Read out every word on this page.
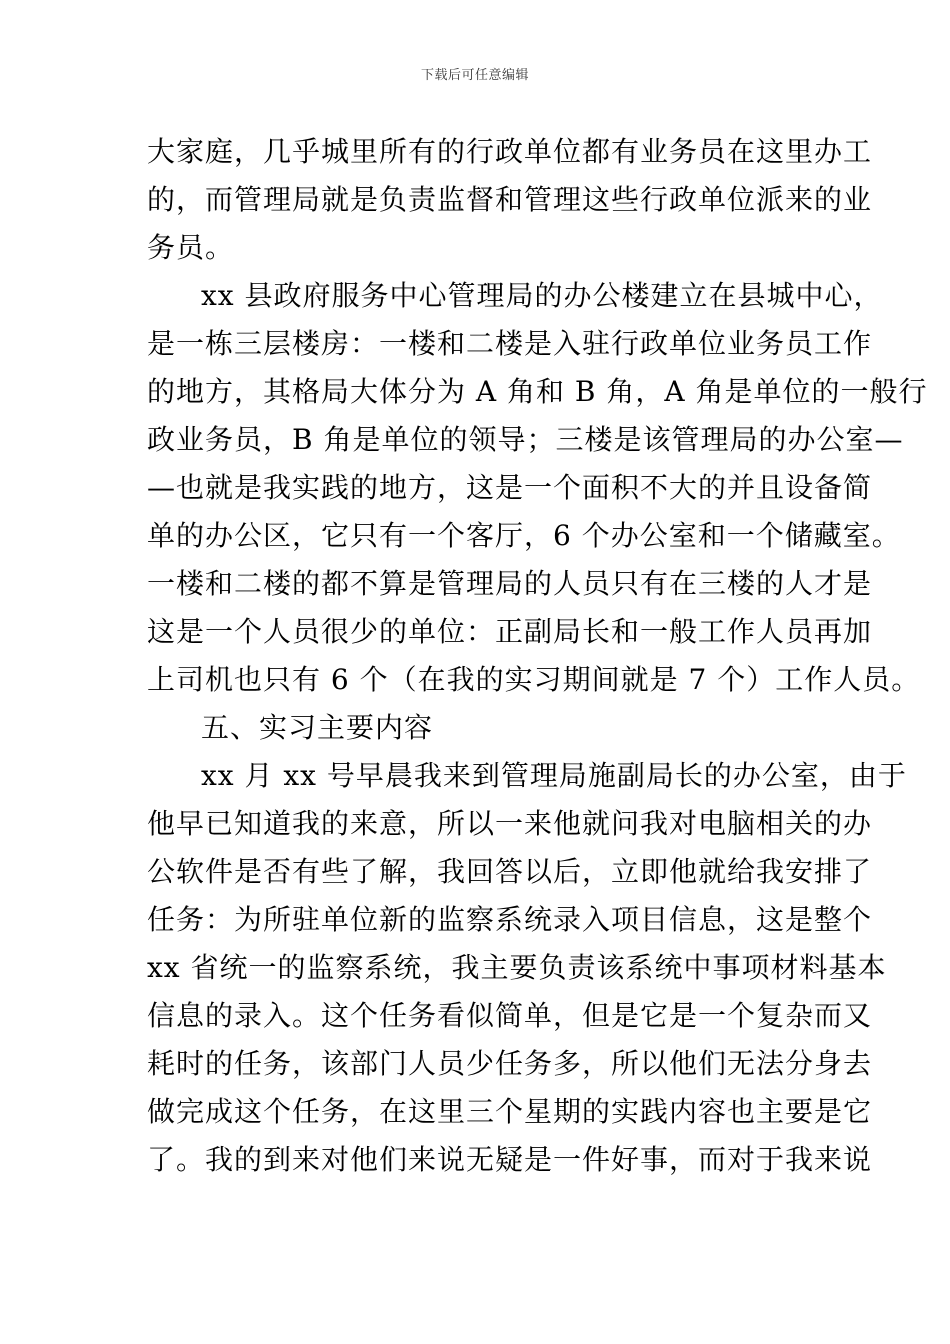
下载后可任意编辑
大家庭，几乎城里所有的行政单位都有业务员在这里办工
的，而管理局就是负责监督和管理这些行政单位派来的业
务员。
xx 县政府服务中心管理局的办公楼建立在县城中心，
是一栋三层楼房：一楼和二楼是入驻行政单位业务员工作
的地方，其格局大体分为 A 角和 B 角，A 角是单位的一般行
政业务员，B 角是单位的领导；三楼是该管理局的办公室—
—也就是我实践的地方，这是一个面积不大的并且设备简
单的办公区，它只有一个客厅，6 个办公室和一个储藏室。
一楼和二楼的都不算是管理局的人员只有在三楼的人才是
这是一个人员很少的单位：正副局长和一般工作人员再加
上司机也只有 6 个（在我的实习期间就是 7 个）工作人员。
五、实习主要内容
xx 月 xx 号早晨我来到管理局施副局长的办公室，由于
他早已知道我的来意，所以一来他就问我对电脑相关的办
公软件是否有些了解，我回答以后，立即他就给我安排了
任务：为所驻单位新的监察系统录入项目信息，这是整个
xx 省统一的监察系统，我主要负责该系统中事项材料基本
信息的录入。这个任务看似简单，但是它是一个复杂而又
耗时的任务，该部门人员少任务多，所以他们无法分身去
做完成这个任务，在这里三个星期的实践内容也主要是它
了。我的到来对他们来说无疑是一件好事，而对于我来说
